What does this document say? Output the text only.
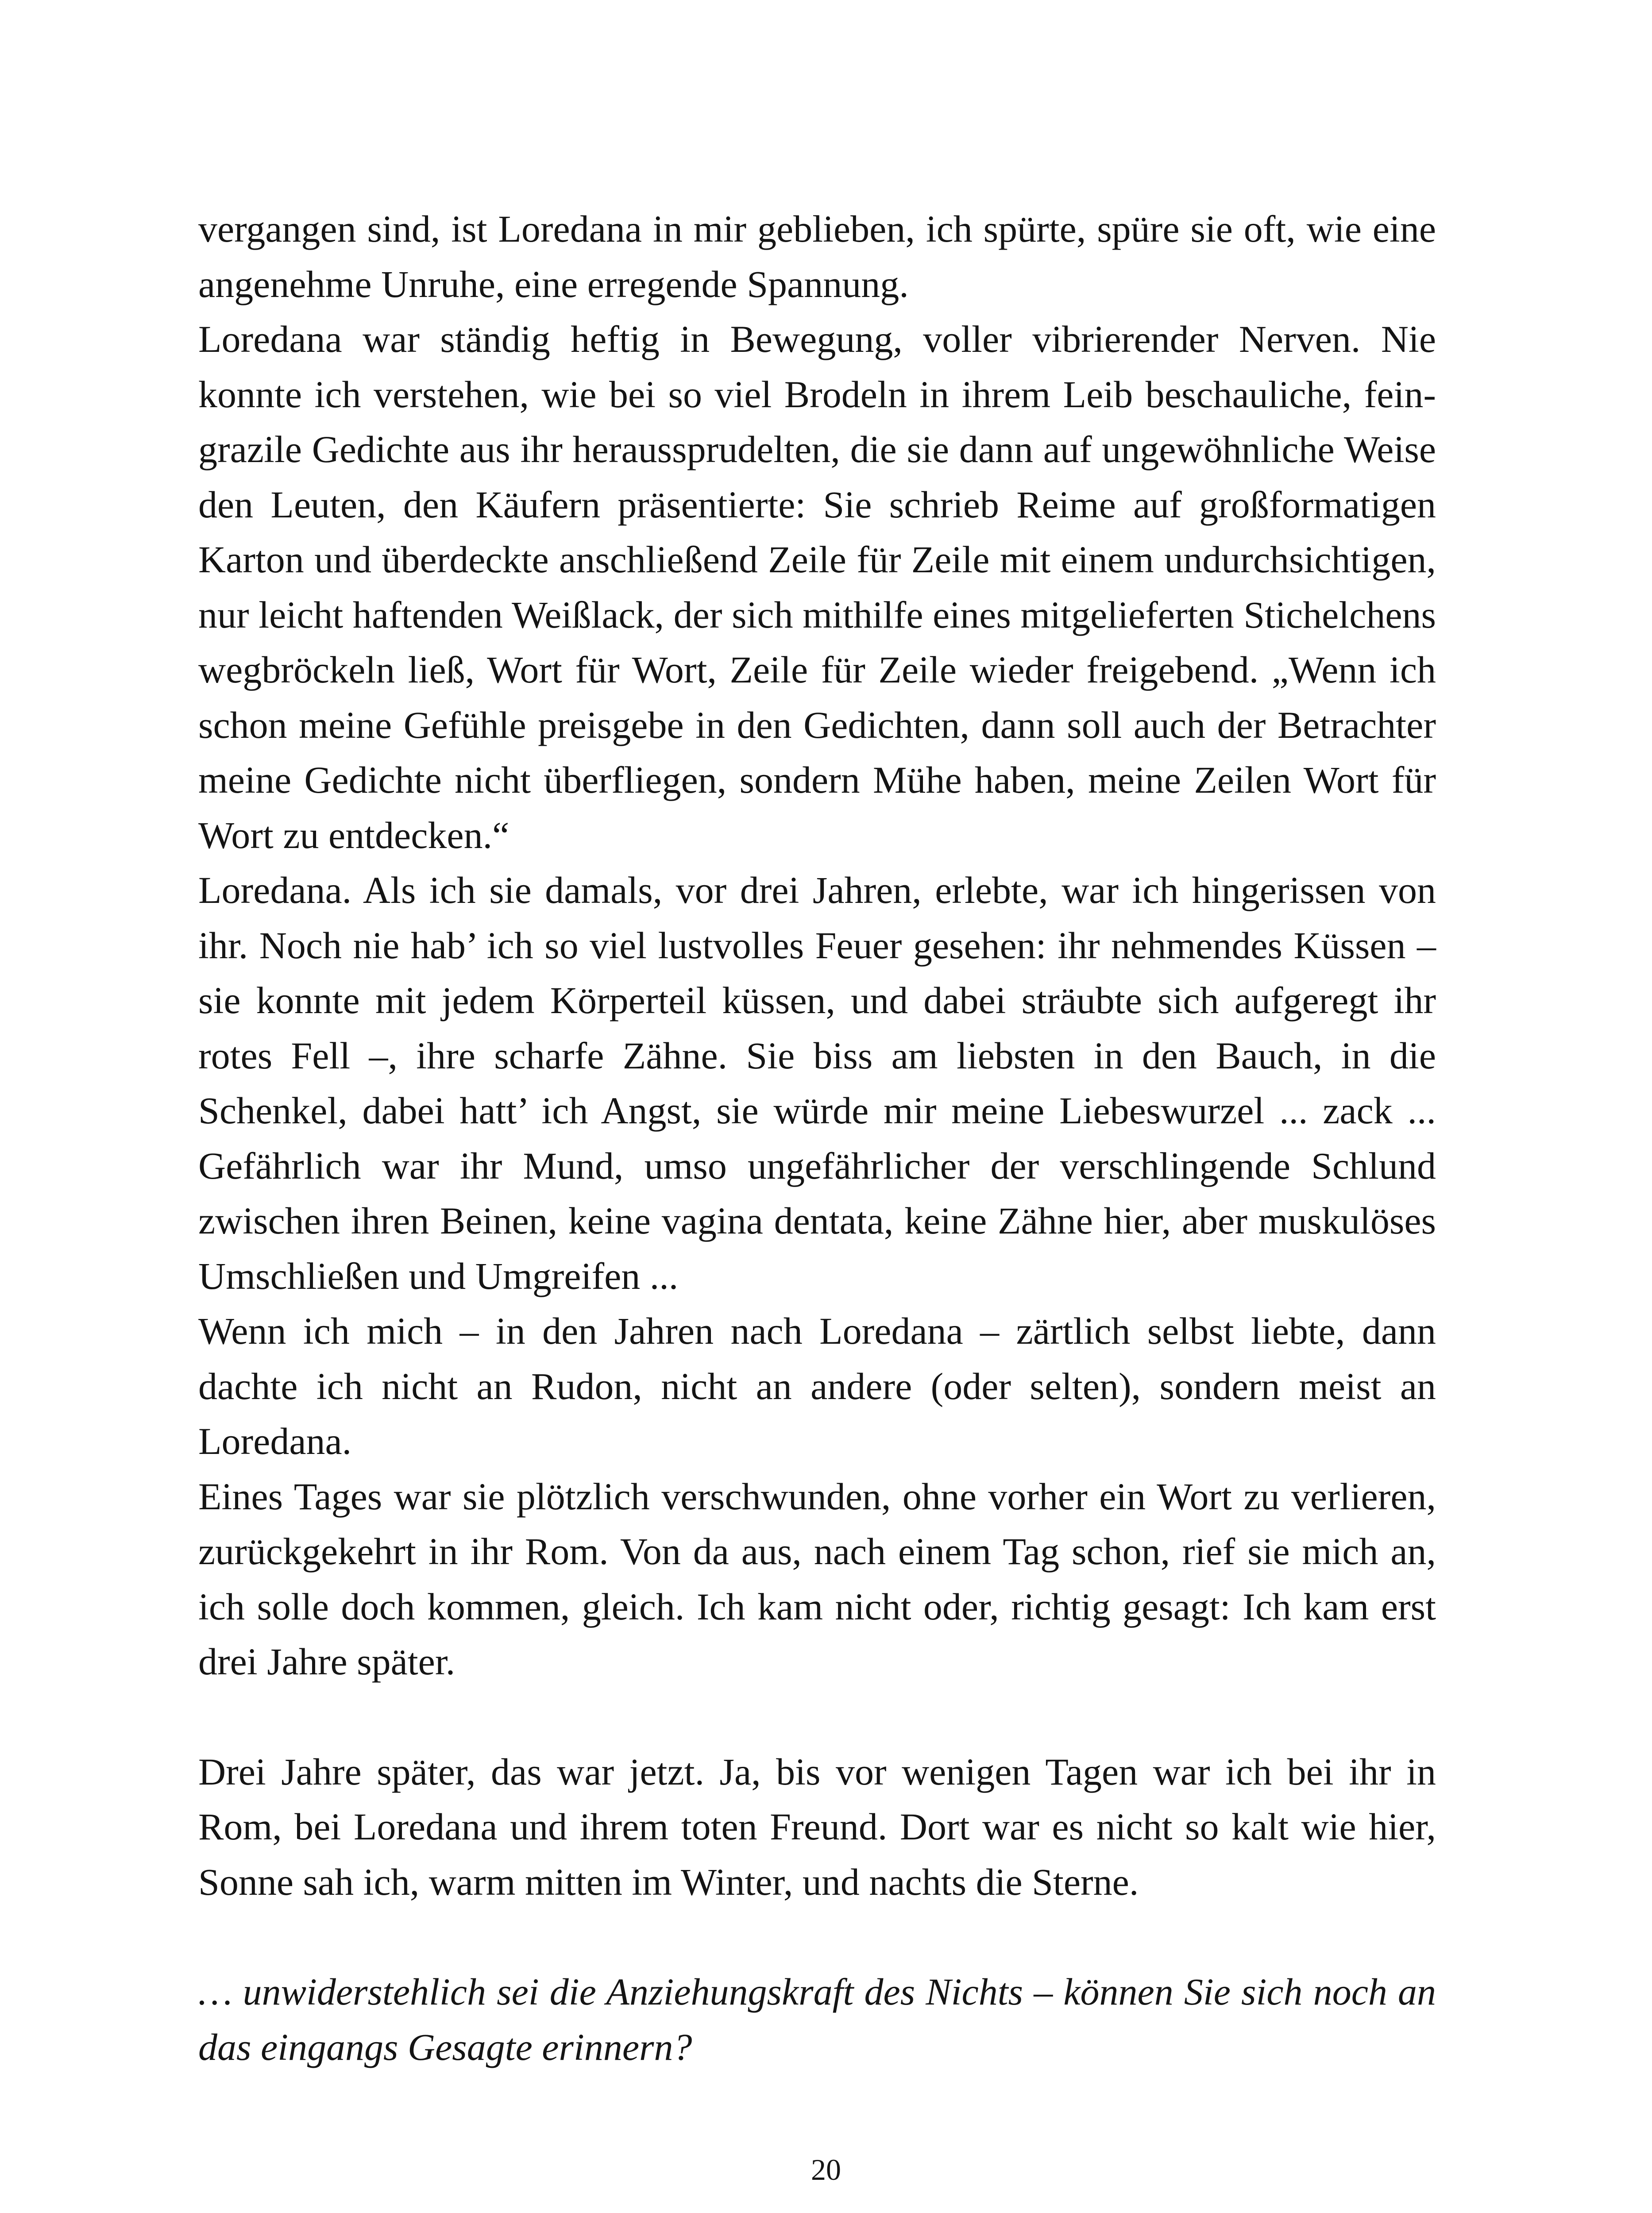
vergangen sind, ist Loredana in mir geblieben, ich spürte, spüre sie oft, wie eine angenehme Unruhe, eine erregende Spannung.

Loredana war ständig heftig in Bewegung, voller vibrierender Nerven. Nie konnte ich verstehen, wie bei so viel Brodeln in ihrem Leib beschauliche, fein-grazile Gedichte aus ihr heraussprudelten, die sie dann auf ungewöhnliche Weise den Leuten, den Käufern präsentierte: Sie schrieb Reime auf großformatigen Karton und überdeckte anschließend Zeile für Zeile mit einem undurchsichtigen, nur leicht haftenden Weißlack, der sich mithilfe eines mitgelieferten Stichelchens wegbröckeln ließ, Wort für Wort, Zeile für Zeile wieder freigebend. „Wenn ich schon meine Gefühle preisgebe in den Gedichten, dann soll auch der Betrachter meine Gedichte nicht überfliegen, sondern Mühe haben, meine Zeilen Wort für Wort zu entdecken.“

Loredana. Als ich sie damals, vor drei Jahren, erlebte, war ich hingerissen von ihr. Noch nie hab’ ich so viel lustvolles Feuer gesehen: ihr nehmendes Küssen – sie konnte mit jedem Körperteil küssen, und dabei sträubte sich aufgeregt ihr rotes Fell –, ihre scharfe Zähne. Sie biss am liebsten in den Bauch, in die Schenkel, dabei hatt’ ich Angst, sie würde mir meine Liebeswurzel ... zack ... Gefährlich war ihr Mund, umso ungefährlicher der verschlingende Schlund zwischen ihren Beinen, keine vagina dentata, keine Zähne hier, aber muskulöses Umschließen und Umgreifen ...

Wenn ich mich – in den Jahren nach Loredana – zärtlich selbst liebte, dann dachte ich nicht an Rudon, nicht an andere (oder selten), sondern meist an Loredana.

Eines Tages war sie plötzlich verschwunden, ohne vorher ein Wort zu verlieren, zurückgekehrt in ihr Rom. Von da aus, nach einem Tag schon, rief sie mich an, ich solle doch kommen, gleich. Ich kam nicht oder, richtig gesagt: Ich kam erst drei Jahre später.

Drei Jahre später, das war jetzt. Ja, bis vor wenigen Tagen war ich bei ihr in Rom, bei Loredana und ihrem toten Freund. Dort war es nicht so kalt wie hier, Sonne sah ich, warm mitten im Winter, und nachts die Sterne.

… unwiderstehlich sei die Anziehungskraft des Nichts – können Sie sich noch an das eingangs Gesagte erinnern?

20
